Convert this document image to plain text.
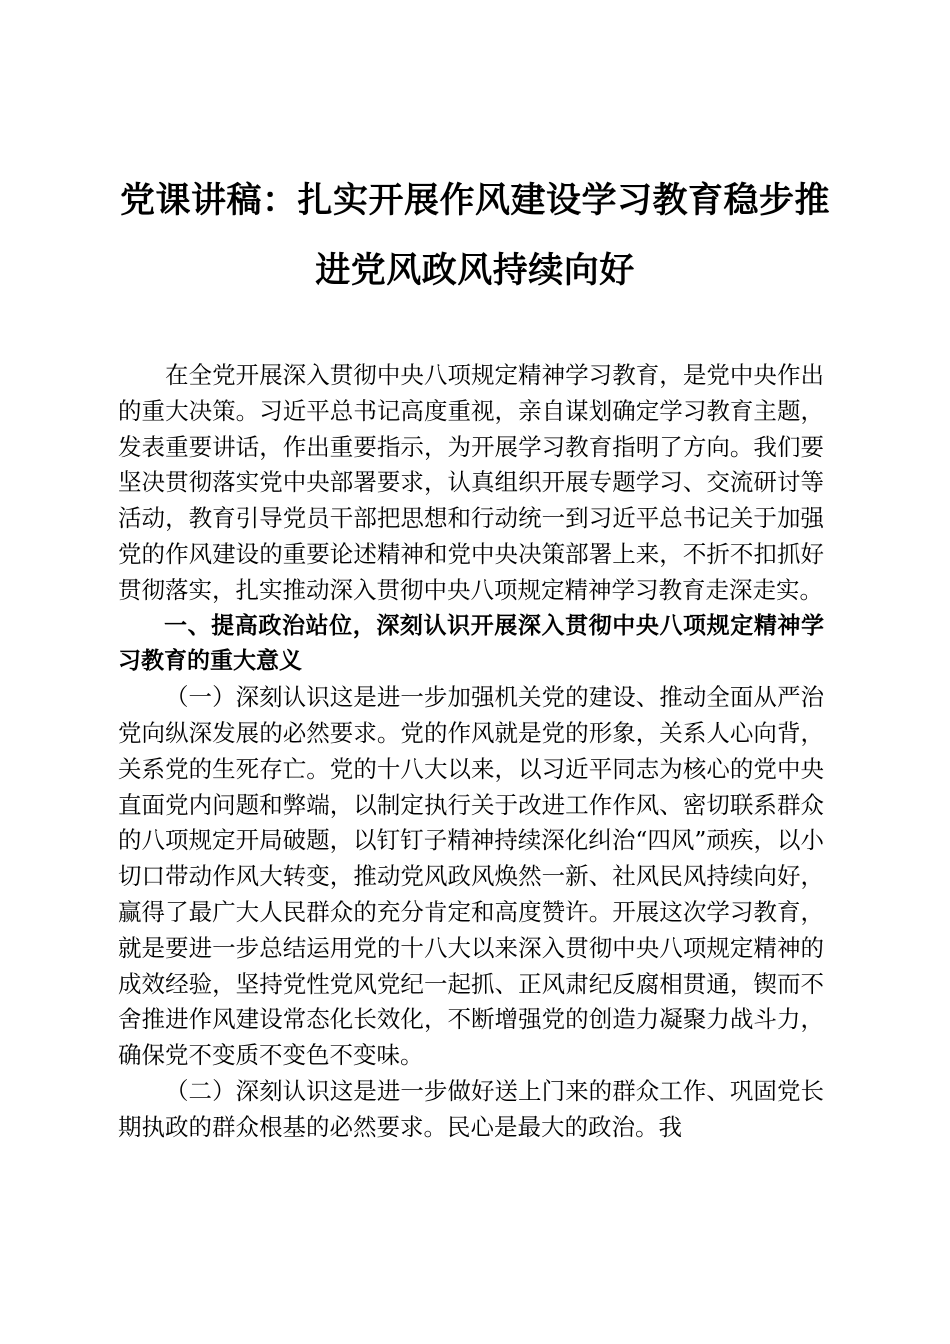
党课讲稿：扎实开展作风建设学习教育稳步推进党风政风持续向好

在全党开展深入贯彻中央八项规定精神学习教育，是党中央作出的重大决策。习近平总书记高度重视，亲自谋划确定学习教育主题，发表重要讲话，作出重要指示，为开展学习教育指明了方向。我们要坚决贯彻落实党中央部署要求，认真组织开展专题学习、交流研讨等活动，教育引导党员干部把思想和行动统一到习近平总书记关于加强党的作风建设的重要论述精神和党中央决策部署上来，不折不扣抓好贯彻落实，扎实推动深入贯彻中央八项规定精神学习教育走深走实。

一、提高政治站位，深刻认识开展深入贯彻中央八项规定精神学习教育的重大意义

（一）深刻认识这是进一步加强机关党的建设、推动全面从严治党向纵深发展的必然要求。党的作风就是党的形象，关系人心向背，关系党的生死存亡。党的十八大以来，以习近平同志为核心的党中央直面党内问题和弊端，以制定执行关于改进工作作风、密切联系群众的八项规定开局破题，以钉钉子精神持续深化纠治“四风”顽疾，以小切口带动作风大转变，推动党风政风焕然一新、社风民风持续向好，赢得了最广大人民群众的充分肯定和高度赞许。开展这次学习教育，就是要进一步总结运用党的十八大以来深入贯彻中央八项规定精神的成效经验，坚持党性党风党纪一起抓、正风肃纪反腐相贯通，锲而不舍推进作风建设常态化长效化，不断增强党的创造力凝聚力战斗力，确保党不变质不变色不变味。

（二）深刻认识这是进一步做好送上门来的群众工作、巩固党长期执政的群众根基的必然要求。民心是最大的政治。我
